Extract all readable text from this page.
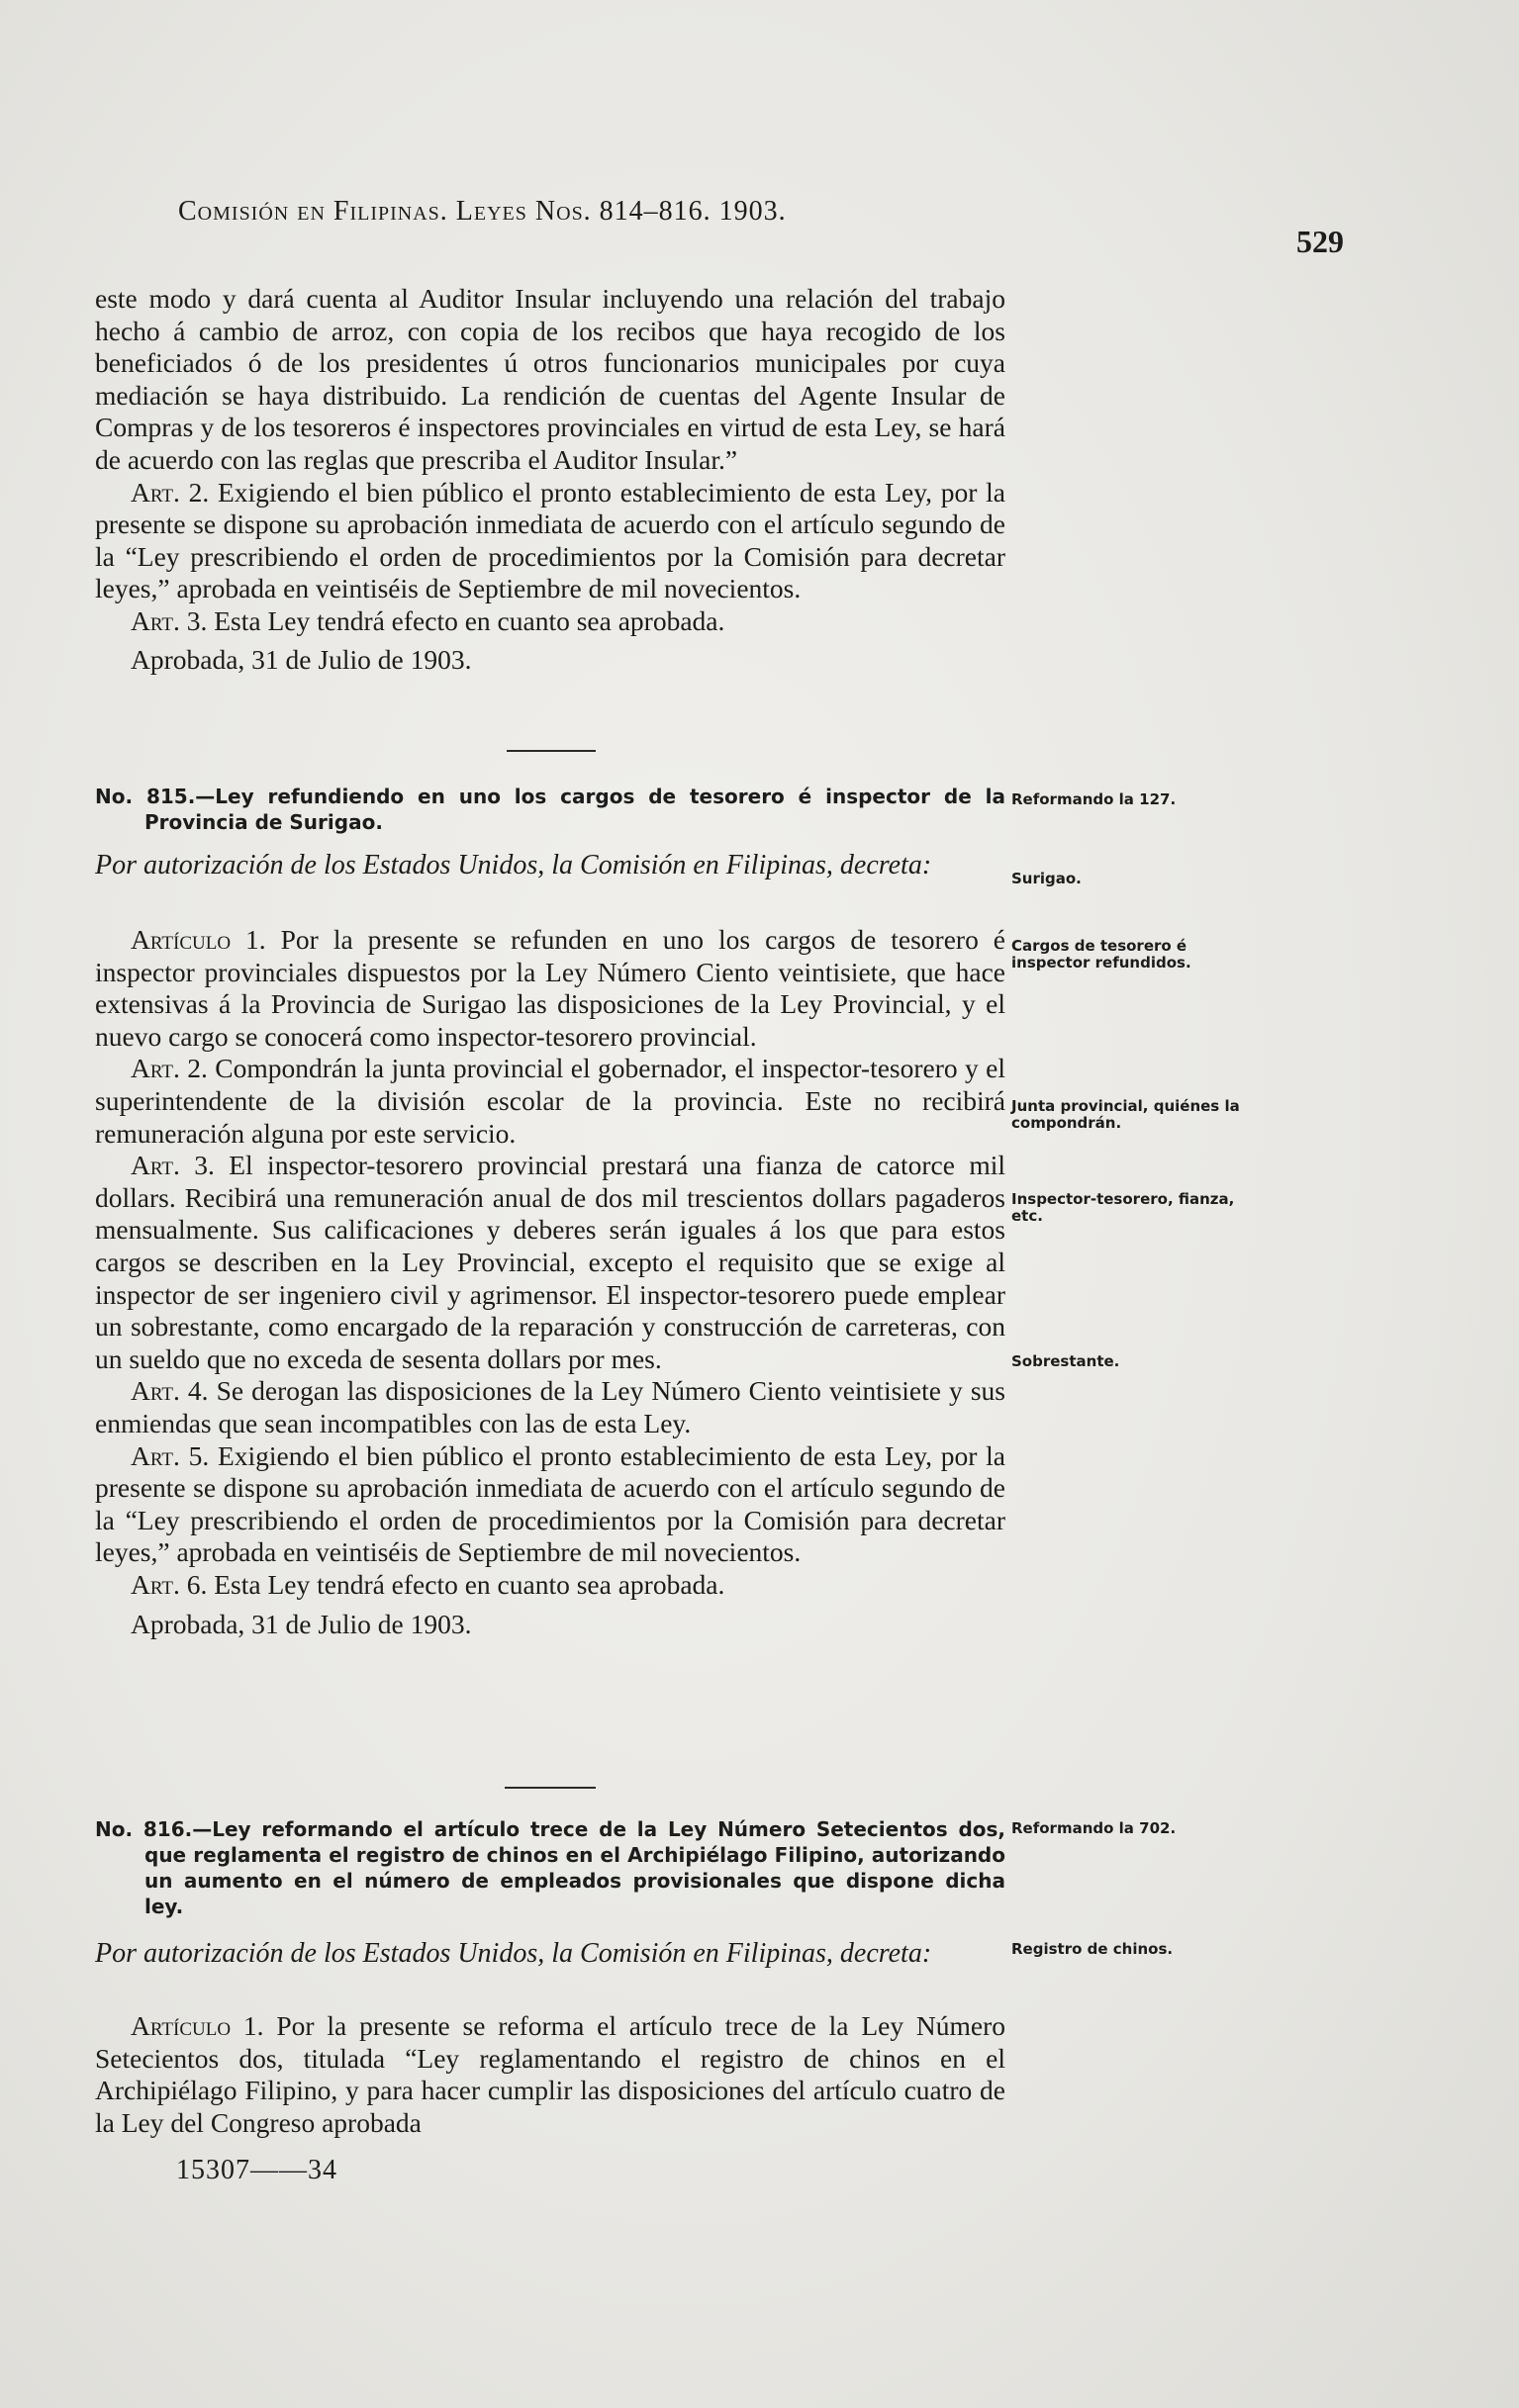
Comisión en Filipinas. Leyes Nos. 814–816. 1903.
529

este modo y dará cuenta al Auditor Insular incluyendo una relación del trabajo hecho á cambio de arroz, con copia de los recibos que haya recogido de los beneficiados ó de los presidentes ú otros funcionarios municipales por cuya mediación se haya distribuido. La rendición de cuentas del Agente Insular de Compras y de los tesoreros é inspectores provinciales en virtud de esta Ley, se hará de acuerdo con las reglas que prescriba el Auditor Insular.”

Art. 2. Exigiendo el bien público el pronto establecimiento de esta Ley, por la presente se dispone su aprobación inmediata de acuerdo con el artículo segundo de la “Ley prescribiendo el orden de procedimientos por la Comisión para decretar leyes,” aprobada en veintiséis de Septiembre de mil novecientos.

Art. 3. Esta Ley tendrá efecto en cuanto sea aprobada.

Aprobada, 31 de Julio de 1903.

No. 815.—Ley refundiendo en uno los cargos de tesorero é inspector de la Provincia de Surigao.
Por autorización de los Estados Unidos, la Comisión en Filipinas, decreta:

Artículo 1. Por la presente se refunden en uno los cargos de tesorero é inspector provinciales dispuestos por la Ley Número Ciento veintisiete, que hace extensivas á la Provincia de Surigao las disposiciones de la Ley Provincial, y el nuevo cargo se conocerá como inspector-tesorero provincial.

Art. 2. Compondrán la junta provincial el gobernador, el inspector-tesorero y el superintendente de la división escolar de la provincia. Este no recibirá remuneración alguna por este servicio.

Art. 3. El inspector-tesorero provincial prestará una fianza de catorce mil dollars. Recibirá una remuneración anual de dos mil trescientos dollars pagaderos mensualmente. Sus calificaciones y deberes serán iguales á los que para estos cargos se describen en la Ley Provincial, excepto el requisito que se exige al inspector de ser ingeniero civil y agrimensor. El inspector-tesorero puede emplear un sobrestante, como encargado de la reparación y construcción de carreteras, con un sueldo que no exceda de sesenta dollars por mes.

Art. 4. Se derogan las disposiciones de la Ley Número Ciento veintisiete y sus enmiendas que sean incompatibles con las de esta Ley.

Art. 5. Exigiendo el bien público el pronto establecimiento de esta Ley, por la presente se dispone su aprobación inmediata de acuerdo con el artículo segundo de la “Ley prescribiendo el orden de procedimientos por la Comisión para decretar leyes,” aprobada en veintiséis de Septiembre de mil novecientos.

Art. 6. Esta Ley tendrá efecto en cuanto sea aprobada.

Aprobada, 31 de Julio de 1903.

No. 816.—Ley reformando el artículo trece de la Ley Número Setecientos dos, que reglamenta el registro de chinos en el Archipiélago Filipino, autorizando un aumento en el número de empleados provisionales que dispone dicha ley.
Por autorización de los Estados Unidos, la Comisión en Filipinas, decreta:

Artículo 1. Por la presente se reforma el artículo trece de la Ley Número Setecientos dos, titulada “Ley reglamentando el registro de chinos en el Archipiélago Filipino, y para hacer cumplir las disposiciones del artículo cuatro de la Ley del Congreso aprobada

Reformando la 127.
Surigao.
Cargos de tesorero é inspector refundidos.
Junta provincial, quiénes la compondrán.
Inspector-tesorero, fianza, etc.
Sobrestante.
Reformando la 702.
Registro de chinos.
15307——34
